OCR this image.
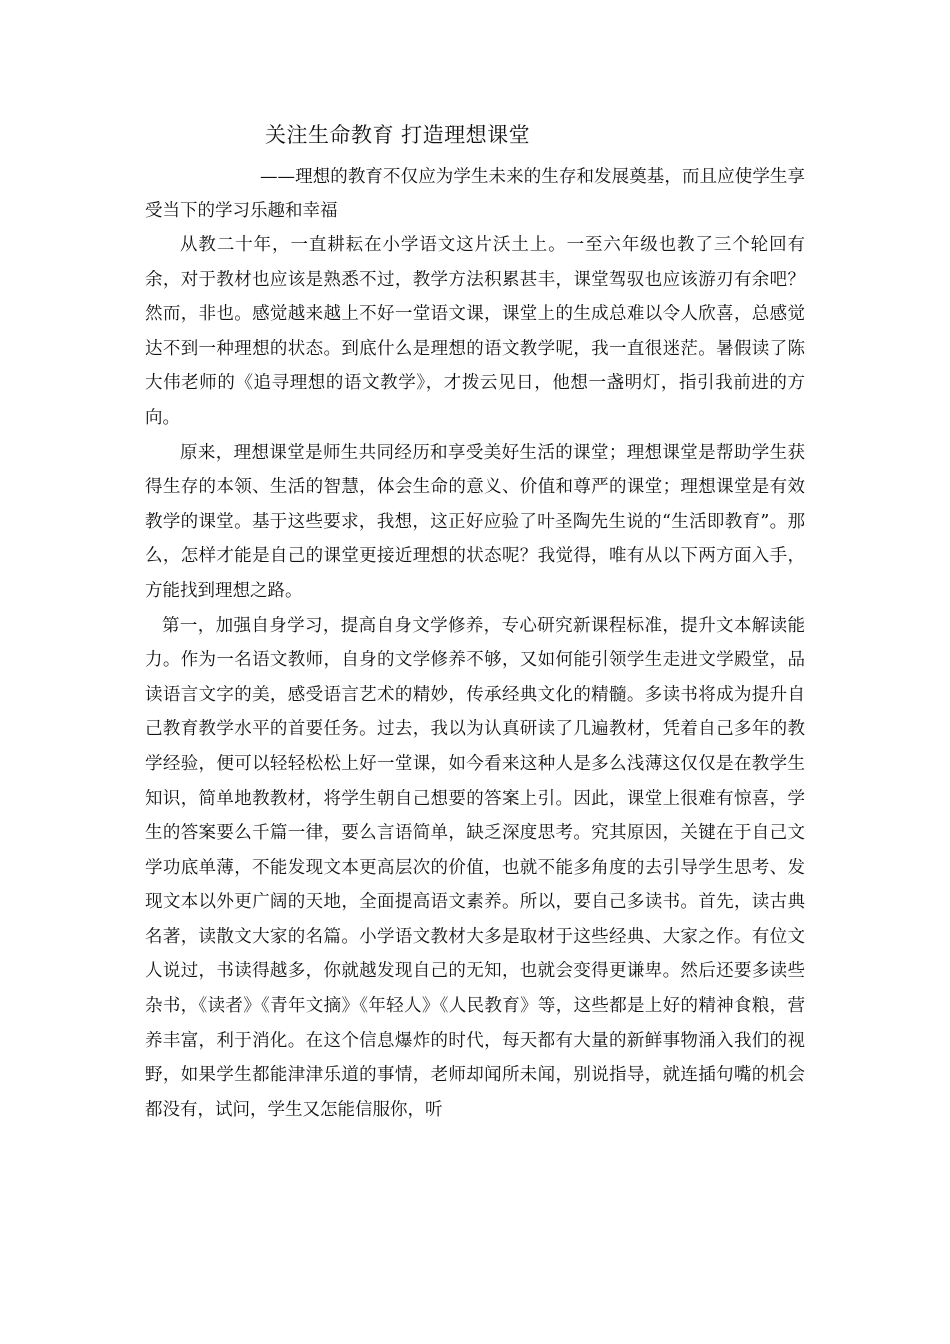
关注生命教育 打造理想课堂
——理想的教育不仅应为学生未来的生存和发展奠基，而且应使学生享受当下的学习乐趣和幸福

从教二十年，一直耕耘在小学语文这片沃土上。一至六年级也教了三个轮回有余，对于教材也应该是熟悉不过，教学方法积累甚丰，课堂驾驭也应该游刃有余吧？然而，非也。感觉越来越上不好一堂语文课，课堂上的生成总难以令人欣喜，总感觉达不到一种理想的状态。到底什么是理想的语文教学呢，我一直很迷茫。暑假读了陈大伟老师的《追寻理想的语文教学》，才拨云见日，他想一盏明灯，指引我前进的方向。

原来，理想课堂是师生共同经历和享受美好生活的课堂；理想课堂是帮助学生获得生存的本领、生活的智慧，体会生命的意义、价值和尊严的课堂；理想课堂是有效教学的课堂。基于这些要求，我想，这正好应验了叶圣陶先生说的“生活即教育”。那么，怎样才能是自己的课堂更接近理想的状态呢？我觉得，唯有从以下两方面入手，方能找到理想之路。

第一，加强自身学习，提高自身文学修养，专心研究新课程标准，提升文本解读能力。作为一名语文教师，自身的文学修养不够，又如何能引领学生走进文学殿堂，品读语言文字的美，感受语言艺术的精妙，传承经典文化的精髓。多读书将成为提升自己教育教学水平的首要任务。过去，我以为认真研读了几遍教材，凭着自己多年的教学经验，便可以轻轻松松上好一堂课，如今看来这种人是多么浅薄这仅仅是在教学生知识，简单地教教材，将学生朝自己想要的答案上引。因此，课堂上很难有惊喜，学生的答案要么千篇一律，要么言语简单，缺乏深度思考。究其原因，关键在于自己文学功底单薄，不能发现文本更高层次的价值，也就不能多角度的去引导学生思考、发现文本以外更广阔的天地，全面提高语文素养。所以，要自己多读书。首先，读古典名著，读散文大家的名篇。小学语文教材大多是取材于这些经典、大家之作。有位文人说过，书读得越多，你就越发现自己的无知，也就会变得更谦卑。然后还要多读些杂书，《读者》《青年文摘》《年轻人》《人民教育》等，这些都是上好的精神食粮，营养丰富，利于消化。在这个信息爆炸的时代，每天都有大量的新鲜事物涌入我们的视野，如果学生都能津津乐道的事情，老师却闻所未闻，别说指导，就连插句嘴的机会都没有，试问，学生又怎能信服你，听
